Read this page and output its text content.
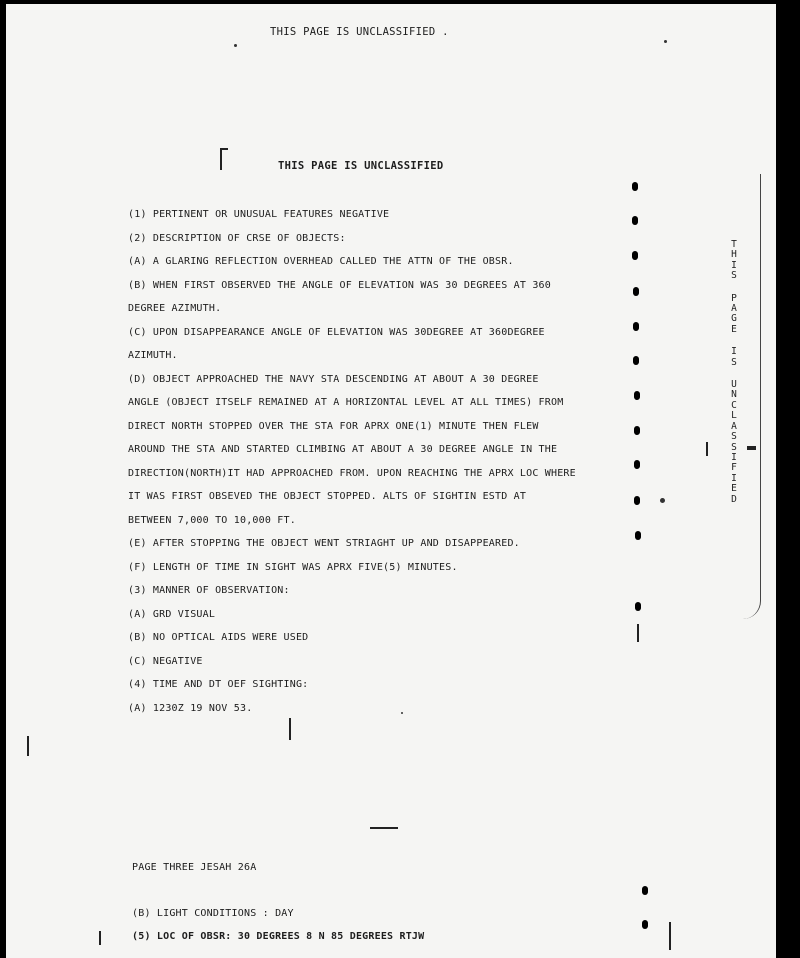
THIS PAGE IS UNCLASSIFIED .
THIS PAGE IS UNCLASSIFIED
(1) PERTINENT OR UNUSUAL FEATURES NEGATIVE
(2) DESCRIPTION OF CRSE OF OBJECTS:
(A) A GLARING REFLECTION OVERHEAD CALLED THE ATTN OF THE OBSR.
(B) WHEN FIRST OBSERVED THE ANGLE OF ELEVATION WAS 30 DEGREES AT 360
DEGREE AZIMUTH.
(C) UPON DISAPPEARANCE ANGLE OF ELEVATION WAS 30DEGREE AT 360DEGREE
AZIMUTH.
(D) OBJECT APPROACHED THE NAVY STA DESCENDING AT ABOUT A 30 DEGREE
ANGLE (OBJECT ITSELF REMAINED AT A HORIZONTAL LEVEL AT ALL TIMES) FROM
DIRECT NORTH STOPPED OVER THE STA FOR APRX ONE(1) MINUTE THEN FLEW
AROUND THE STA AND STARTED CLIMBING AT ABOUT A 30 DEGREE ANGLE IN THE
DIRECTION(NORTH)IT HAD APPROACHED FROM. UPON REACHING THE APRX LOC WHERE
IT WAS FIRST OBSEVED THE OBJECT STOPPED. ALTS OF SIGHTIN ESTD AT
BETWEEN 7,000 TO 10,000 FT.
(E) AFTER STOPPING THE OBJECT WENT STRIAGHT UP AND DISAPPEARED.
(F) LENGTH OF TIME IN SIGHT WAS APRX FIVE(5) MINUTES.
(3) MANNER OF OBSERVATION:
(A) GRD VISUAL
(B) NO OPTICAL AIDS WERE USED
(C) NEGATIVE
(4) TIME AND DT OEF SIGHTING:
(A) 1230Z 19 NOV 53.
PAGE THREE JESAH 26A
(B) LIGHT CONDITIONS : DAY
(5) LOC OF OBSR: 30 DEGREES 8 N 85 DEGREES RTJW
T
H
I
S
P
A
G
E
I
S
U
N
C
L
A
S
S
I
F
I
E
D
